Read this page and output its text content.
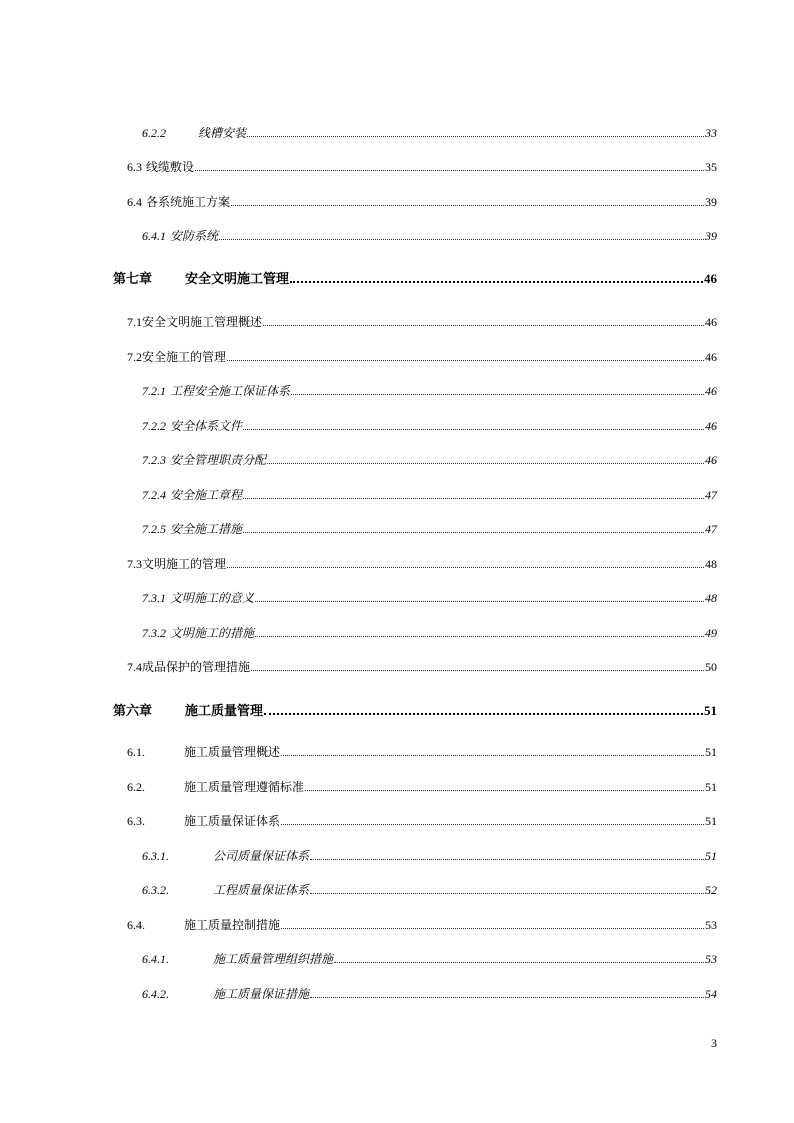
6.2.2	线槽安装	33
6.3 线缆敷设	35
6.4 各系统施工方案	39
6.4.1 安防系统	39
第七章	安全文明施工管理	46
7.1 安全文明施工管理概述	46
7.2 安全施工的管理	46
7.2.1 工程安全施工保证体系	46
7.2.2 安全体系文件	46
7.2.3 安全管理职责分配	46
7.2.4 安全施工章程	47
7.2.5 安全施工措施	47
7.3 文明施工的管理	48
7.3.1 文明施工的意义	48
7.3.2 文明施工的措施	49
7.4 成品保护的管理措施	50
第六章	施工质量管理	51
6.1.	施工质量管理概述	51
6.2.	施工质量管理遵循标准	51
6.3.	施工质量保证体系	51
6.3.1.	公司质量保证体系	51
6.3.2.	工程质量保证体系	52
6.4.	施工质量控制措施	53
6.4.1.	施工质量管理组织措施	53
6.4.2.	施工质量保证措施	54
3
